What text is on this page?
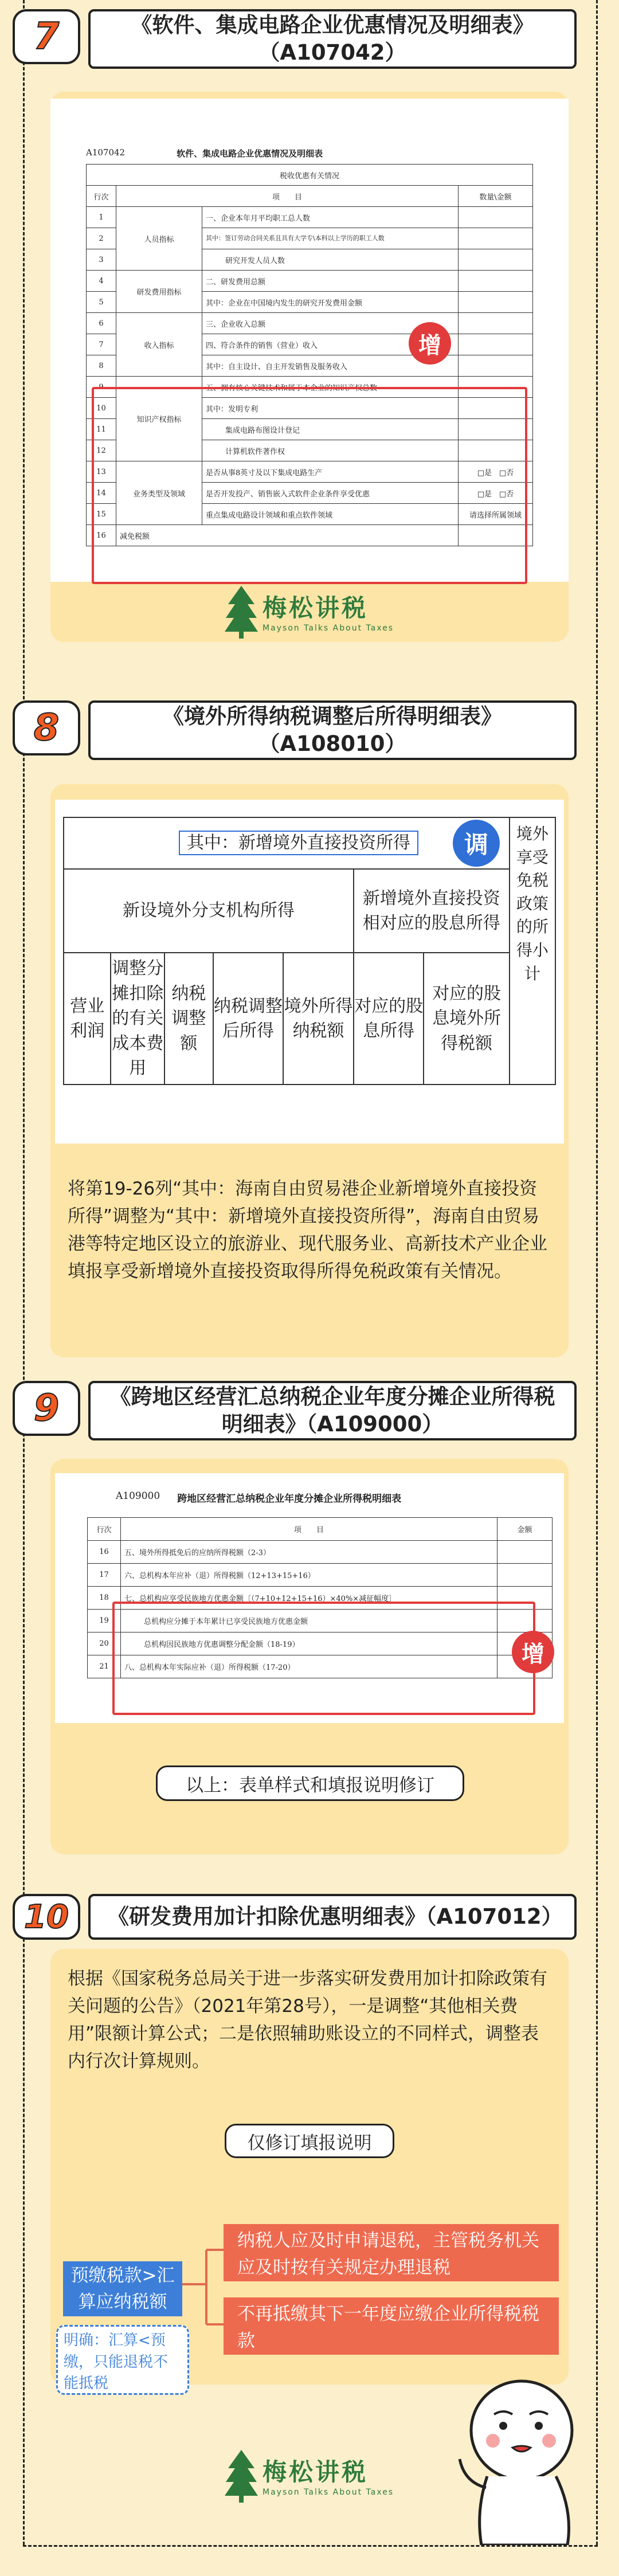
7	《软件、集成电路企业优惠情况及明细表》（A107042）
A107042	软件、集成电路企业优惠情况及明细表
税收优惠有关情况			
行次	项　　目		数量\金额
1	人员指标	一、企业本年月平均职工总人数	
2		其中：签订劳动合同关系且具有大学专\本科以上学历的职工人数	
3		研究开发人员人数	
4	研发费用指标	二、研发费用总额	
5		其中：企业在中国境内发生的研究开发费用金额	
6	收入指标	三、企业收入总额	
7		四、符合条件的销售（营业）收入	
8		其中：自主设计、自主开发销售及服务收入	
9	知识产权指标	五、拥有核心关键技术和属于本企业的知识产权总数	
10		其中：发明专利	
11		集成电路布图设计登记	
12		计算机软件著作权	
13	业务类型及领域	是否从事8英寸及以下集成电路生产	□是　□否
14		是否开发投产、销售嵌入式软件企业条件享受优惠	□是　□否
15		重点集成电路设计领域和重点软件领域	请选择所属领域
16	减免税额		
增
梅松讲税
Mayson Talks About Taxes
8	《境外所得纳税调整后所得明细表》（A108010）
其中：新增境外直接投资所得							境外享受免税政策的所得小计
新设境外分支机构所得					新增境外直接投资相对应的股息所得		
营业利润	调整分摊扣除的有关成本费用	纳税调整额	纳税调整后所得	境外所得纳税额	对应的股息所得	对应的股息境外所得税额	
调
将第19-26列“其中：海南自由贸易港企业新增境外直接投资所得”调整为“其中：新增境外直接投资所得”，海南自由贸易港等特定地区设立的旅游业、现代服务业、高新技术产业企业填报享受新增境外直接投资取得所得免税政策有关情况。
9	《跨地区经营汇总纳税企业年度分摊企业所得税明细表》（A109000）
A109000 跨地区经营汇总纳税企业年度分摊企业所得税明细表
行次	项　　目	金额
16	五、境外所得抵免后的应纳所得税额（2-3）	
17	六、总机构本年应补（退）所得税额（12+13+15+16）	
18	七、总机构应享受民族地方优惠金额〔（7+10+12+15+16）×40%×减征幅度〕	
19	总机构应分摊于本年累计已享受民族地方优惠金额	
20	总机构因民族地方优惠调整分配金额（18-19）	
21	八、总机构本年实际应补（退）所得税额（17-20）	
增
以上：表单样式和填报说明修订
10	《研发费用加计扣除优惠明细表》（A107012）
根据《国家税务总局关于进一步落实研发费用加计扣除政策有关问题的公告》（2021年第28号），一是调整“其他相关费用”限额计算公式；二是依照辅助账设立的不同样式，调整表内行次计算规则。
仅修订填报说明
预缴税款>汇算应纳税额
纳税人应及时申请退税，主管税务机关应及时按有关规定办理退税
不再抵缴其下一年度应缴企业所得税税款
明确：汇算<预缴，只能退税不能抵税
梅松讲税
Mayson Talks About Taxes
